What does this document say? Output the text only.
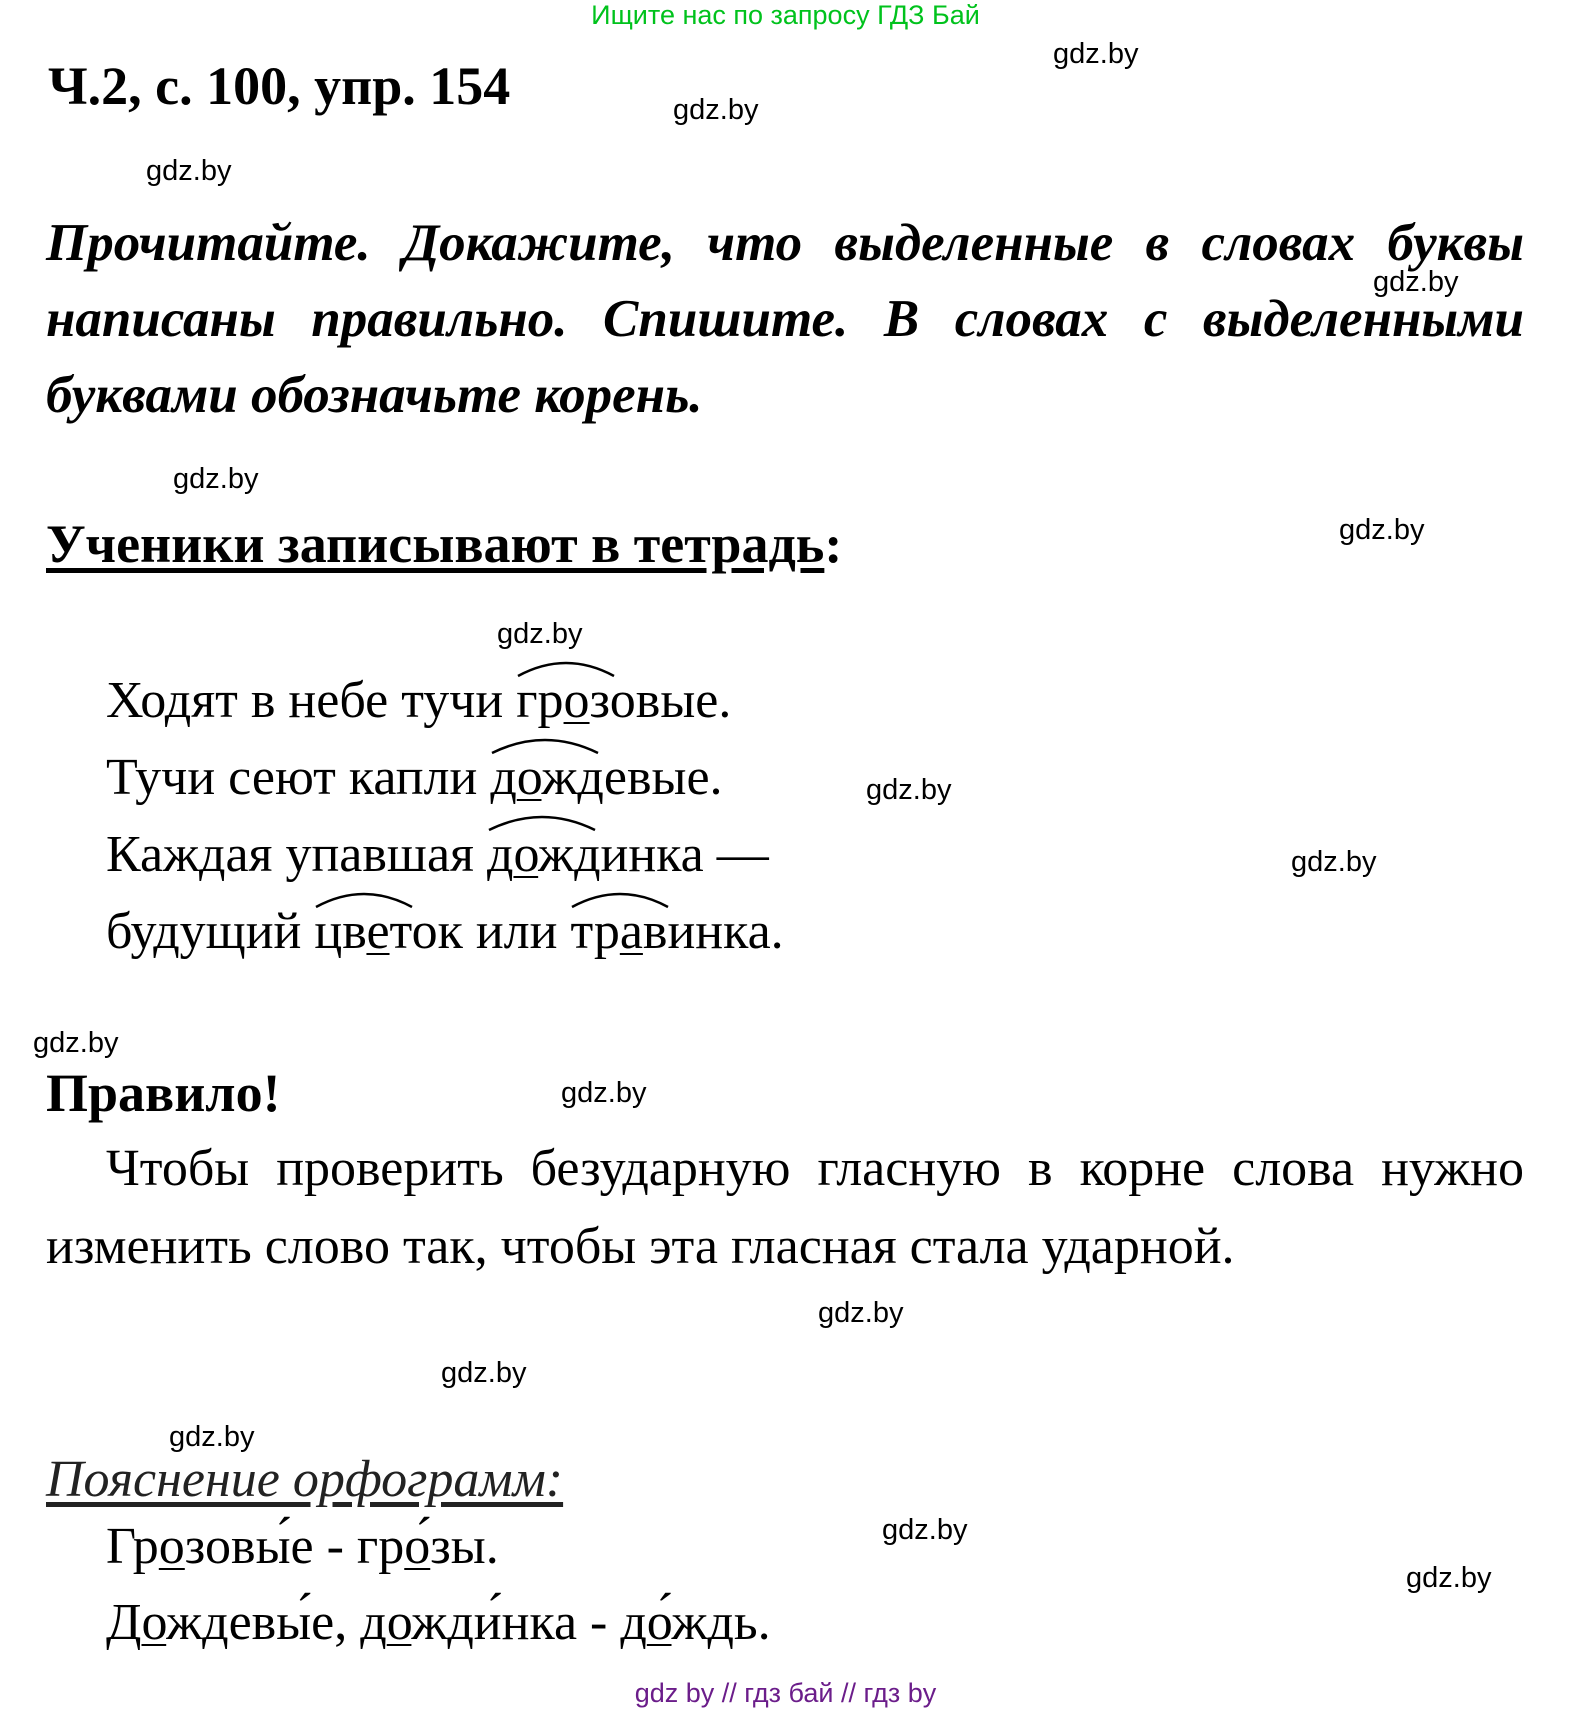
Ищите нас по запросу ГДЗ Бай
Ч.2, с. 100, упр. 154
Прочитайте. Докажите, что выделенные в словах буквы написаны правильно. Спишите. В словах с выделенными буквами обозначьте корень.
Ученики записывают в тетрадь:
Ходят в небе тучи
грозовые.
Тучи сеют капли
дождевые.
Каждая упавшая
дождинка —
будущий
цветок или
травинка.
Правило!
Чтобы проверить безударную гласную в корне слова нужно изменить слово так, чтобы эта гласная стала ударной.
Пояснение орфограмм:
Грозовы́е - гро́зы.
Дождевы́е, дожди́нка - до́ждь.
gdz.by
gdz.by
gdz.by
gdz.by
gdz.by
gdz.by
gdz.by
gdz.by
gdz.by
gdz.by
gdz.by
gdz.by
gdz.by
gdz.by
gdz.by
gdz.by
gdz by // гдз бай // гдз by
